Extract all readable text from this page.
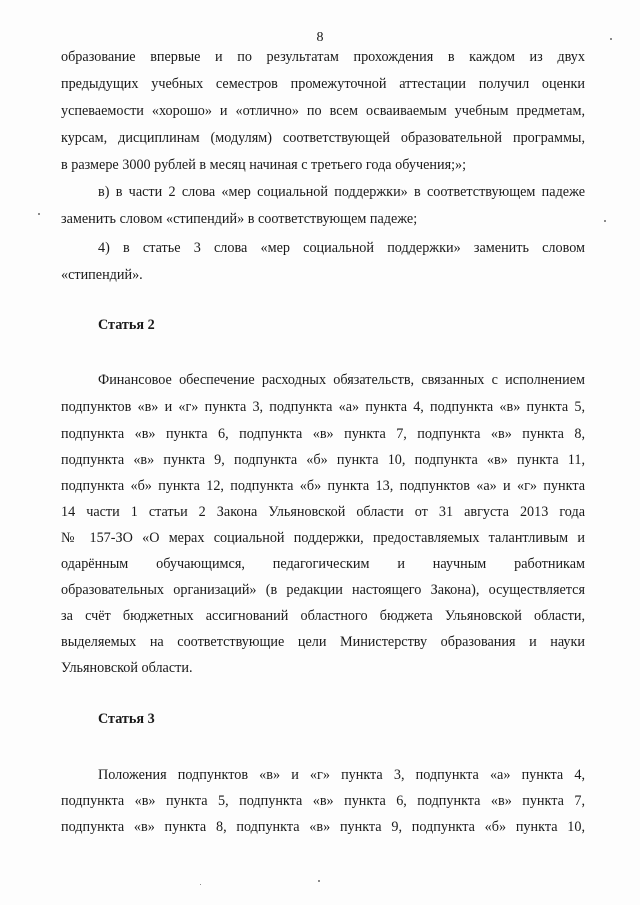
8
образование впервые и по результатам прохождения в каждом из двух
предыдущих учебных семестров промежуточной аттестации получил оценки
успеваемости «хорошо» и «отлично» по всем осваиваемым учебным предметам,
курсам, дисциплинам (модулям) соответствующей образовательной программы,
в размере 3000 рублей в месяц начиная с третьего года обучения;»;
в) в части 2 слова «мер социальной поддержки» в соответствующем падеже
заменить словом «стипендий» в соответствующем падеже;
4) в статье 3 слова «мер социальной поддержки» заменить словом
«стипендий».
Статья 2
Финансовое обеспечение расходных обязательств, связанных с исполнением
подпунктов «в» и «г» пункта 3, подпункта «а» пункта 4, подпункта «в» пункта 5,
подпункта «в» пункта 6, подпункта «в» пункта 7, подпункта «в» пункта 8,
подпункта «в» пункта 9, подпункта «б» пункта 10, подпункта «в» пункта 11,
подпункта «б» пункта 12, подпункта «б» пункта 13, подпунктов «а» и «г» пункта
14 части 1 статьи 2 Закона Ульяновской области от 31 августа 2013 года
№ 157-ЗО «О мерах социальной поддержки, предоставляемых талантливым и
одарённым обучающимся, педагогическим и научным работникам
образовательных организаций» (в редакции настоящего Закона), осуществляется
за счёт бюджетных ассигнований областного бюджета Ульяновской области,
выделяемых на соответствующие цели Министерству образования и науки
Ульяновской области.
Статья 3
Положения подпунктов «в» и «г» пункта 3, подпункта «а» пункта 4,
подпункта «в» пункта 5, подпункта «в» пункта 6, подпункта «в» пункта 7,
подпункта «в» пункта 8, подпункта «в» пункта 9, подпункта «б» пункта 10,
